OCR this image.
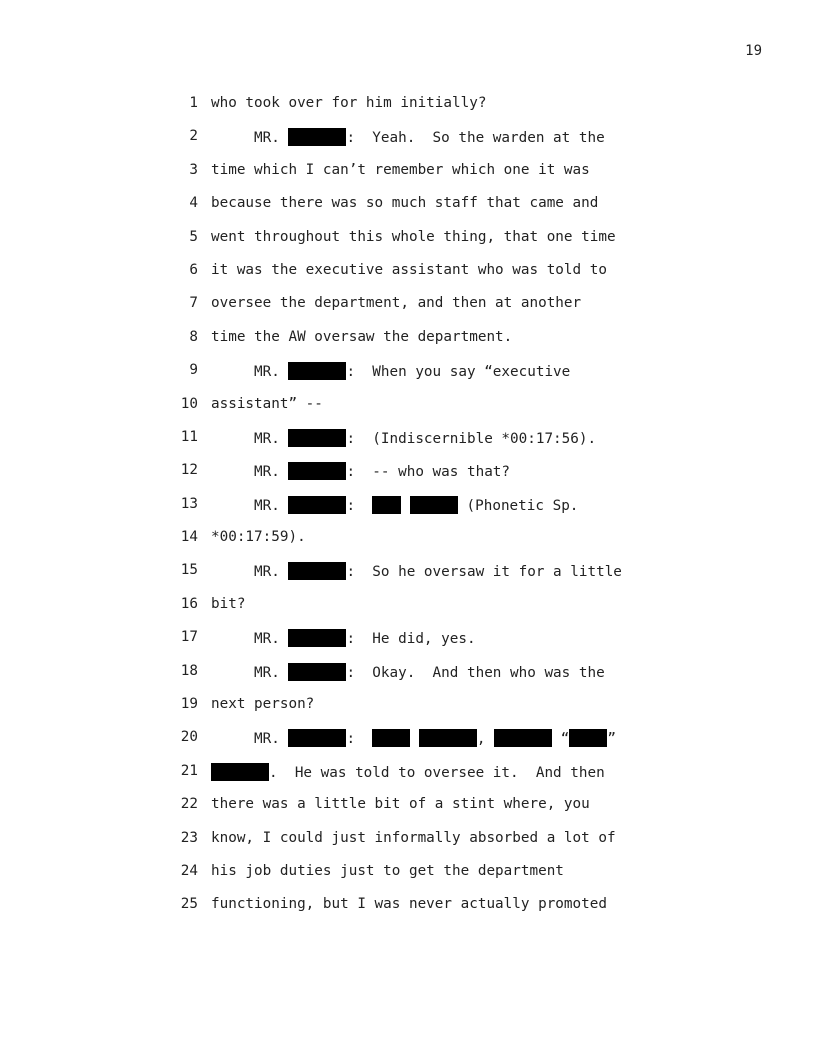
19

1

who took over for him initially?

2

MR.	:  Yeah.  So the warden at the

3

time which I can’t remember which one it was

4

because there was so much staff that came and

5

went throughout this whole thing, that one time

6

it was the executive assistant who was told to

7

oversee the department, and then at another

8

time the AW oversaw the department.

9

MR.	:  When you say “executive

10

assistant” --

11

MR.	:  (Indiscernible *00:17:56).

12

MR.	:  -- who was that?

13

MR.	:	(Phonetic Sp.

14

*00:17:59).

15

MR.	:  So he oversaw it for a little

16

bit?

17

MR.	:  He did, yes.

18

MR.	:  Okay.  And then who was the

19

next person?

20

MR.	:	,	“	”

21

	.  He was told to oversee it.  And then

22

there was a little bit of a stint where, you

23

know, I could just informally absorbed a lot of

24

his job duties just to get the department

25

functioning, but I was never actually promoted
